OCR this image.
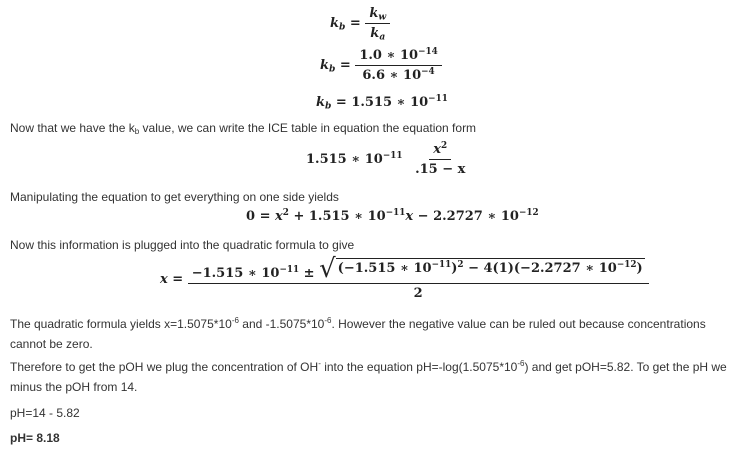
$k_b = \frac{k_w}{k_a}$
$k_b = \frac{1.0 ∗ 10^{-14}}{6.6 ∗ 10^{-4}}$
$k_b = 1.515$ ∗ $10^{-11}$
Now that we have the kb value, we can write the ICE table in equation the equation form
1.515 ∗ $10^{-11} \frac{x^2}{.15 - x}$
Manipulating the equation to get everything on one side yields
$0 = x^2 + 1.515$ ∗ $10^{-11}x - 2.2727$ ∗ $10^{-12}$
Now this information is plugged into the quadratic formula to give
$x = \frac{-1.515 ∗ 10^{-11} \pm √ (-1.515 ∗ 10^{-11})^2 - 4(1)(-2.2727 ∗ 10^{-12})}{2}$
The quadratic formula yields $x=1.5075*10^{-6}$ and $-1.5075*10^{-6}$. However the negative value can be ruled out because concentrations cannot be zero.
Therefore to get the pOH we plug the concentration of OH- into the equation $pH=-\log(1.5075*10^{-6})$ and get pOH=5.82. To get the pH we minus the pOH from 14.
pH=14 - 5.82
pH= 8.18
